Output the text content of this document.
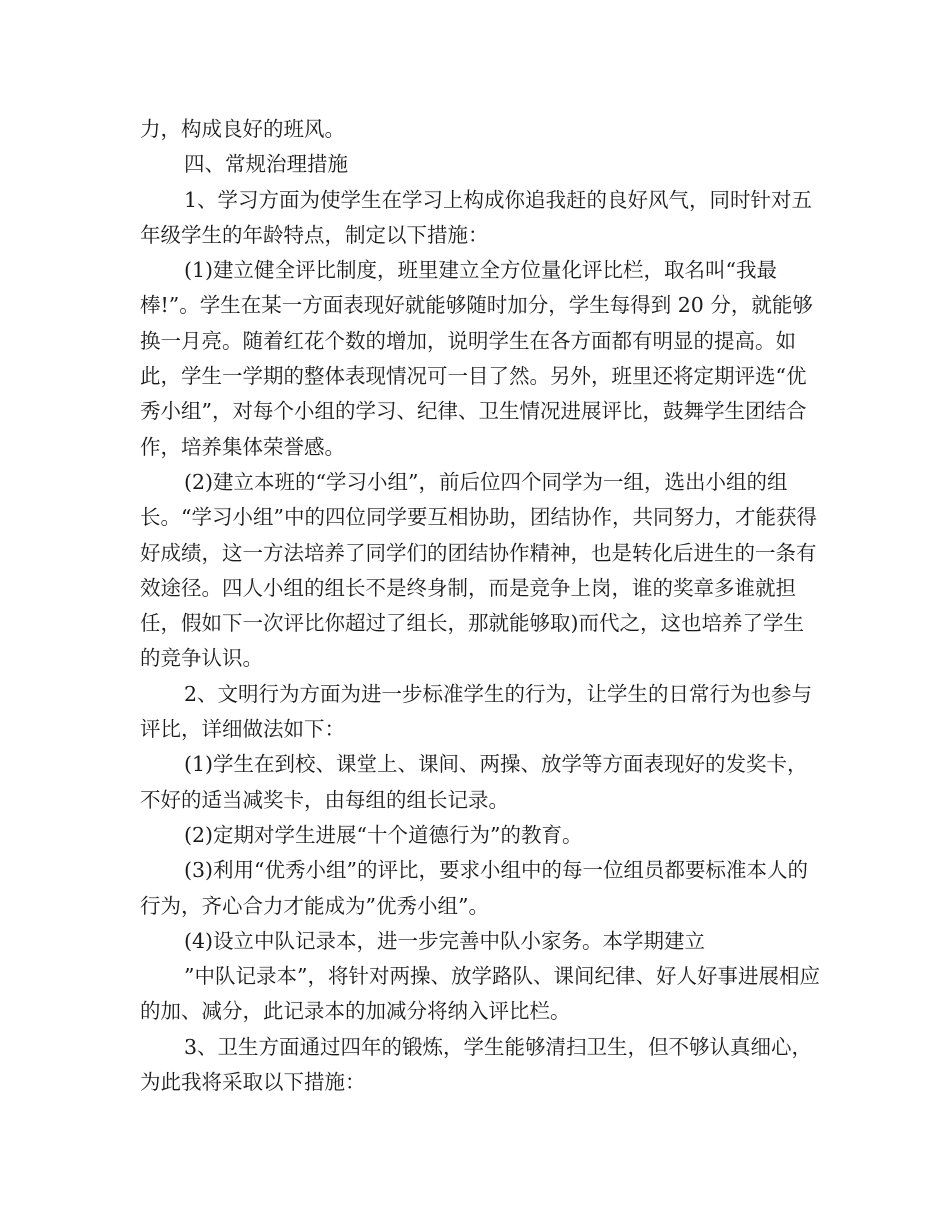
力，构成良好的班风。

四、常规治理措施

1、学习方面为使学生在学习上构成你追我赶的良好风气，同时针对五年级学生的年龄特点，制定以下措施：

(1)建立健全评比制度，班里建立全方位量化评比栏，取名叫“我最棒!”。学生在某一方面表现好就能够随时加分，学生每得到 20 分，就能够换一月亮。随着红花个数的增加，说明学生在各方面都有明显的提高。如此，学生一学期的整体表现情况可一目了然。另外，班里还将定期评选“优秀小组”，对每个小组的学习、纪律、卫生情况进展评比，鼓舞学生团结合作，培养集体荣誉感。

(2)建立本班的“学习小组”，前后位四个同学为一组，选出小组的组长。“学习小组”中的四位同学要互相协助，团结协作，共同努力，才能获得好成绩，这一方法培养了同学们的团结协作精神，也是转化后进生的一条有效途径。四人小组的组长不是终身制，而是竞争上岗，谁的奖章多谁就担任，假如下一次评比你超过了组长，那就能够取)而代之，这也培养了学生的竞争认识。

2、文明行为方面为进一步标准学生的行为，让学生的日常行为也参与评比，详细做法如下：

(1)学生在到校、课堂上、课间、两操、放学等方面表现好的发奖卡，不好的适当减奖卡，由每组的组长记录。

(2)定期对学生进展“十个道德行为”的教育。

(3)利用“优秀小组”的评比，要求小组中的每一位组员都要标准本人的行为，齐心合力才能成为”优秀小组”。

(4)设立中队记录本，进一步完善中队小家务。本学期建立

”中队记录本”，将针对两操、放学路队、课间纪律、好人好事进展相应的加、减分，此记录本的加减分将纳入评比栏。

3、卫生方面通过四年的锻炼，学生能够清扫卫生，但不够认真细心，为此我将采取以下措施：
